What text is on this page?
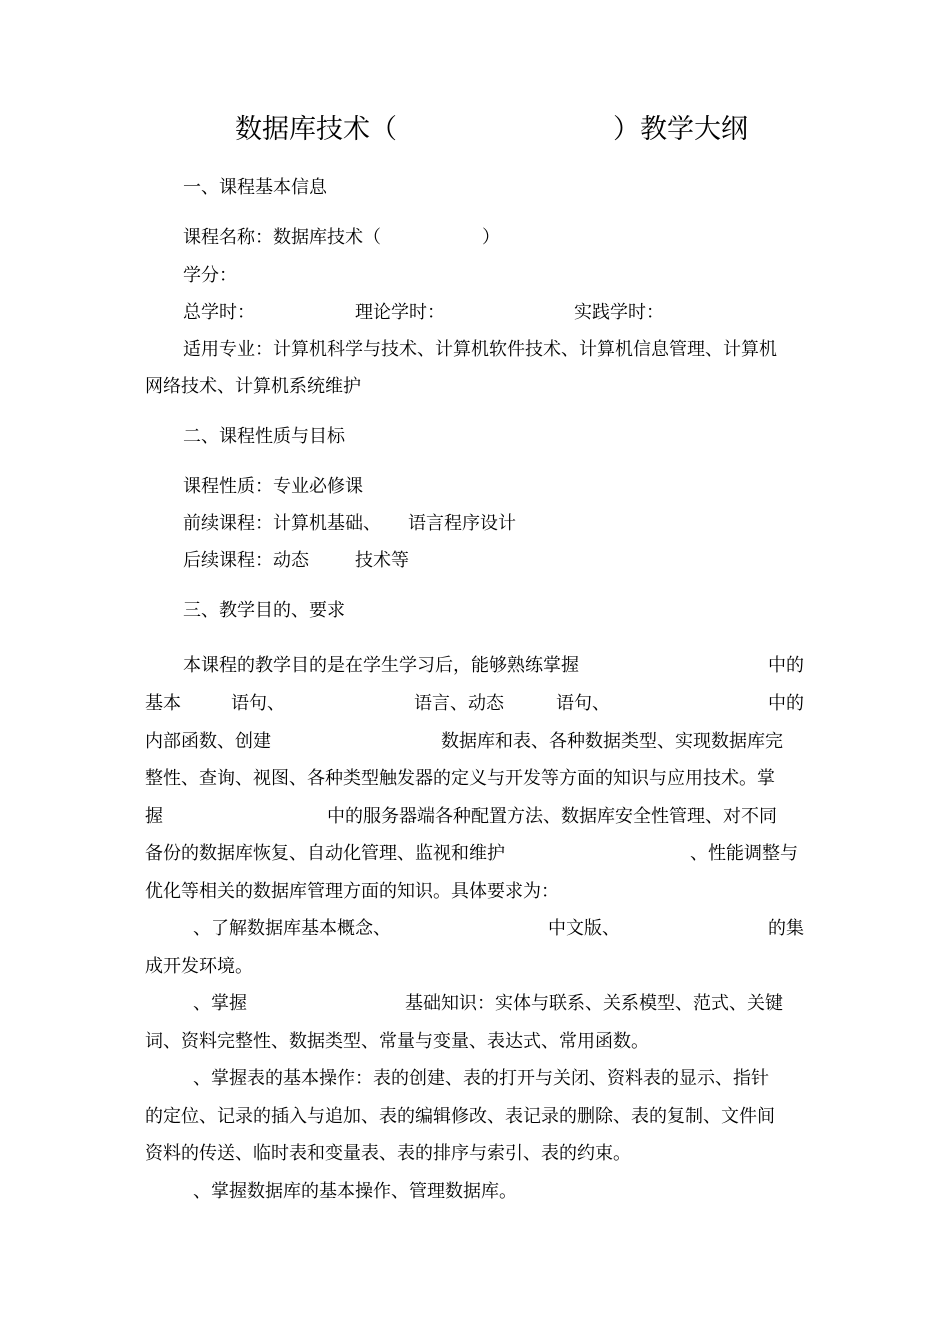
数据库技术（	）教学大纲
一、课程基本信息
课程名称：数据库技术（	）
学分：
总学时：	理论学时：	实践学时：
适用专业：计算机科学与技术、计算机软件技术、计算机信息管理、计算机
网络技术、计算机系统维护
二、课程性质与目标
课程性质：专业必修课
前续课程：计算机基础、 语言程序设计
后续课程：动态	技术等
三、教学目的、要求
本课程的教学目的是在学生学习后，能够熟练掌握	中的
基本	语句、	语言、动态	语句、	中的
内部函数、创建	数据库和表、各种数据类型、实现数据库完
整性、查询、视图、各种类型触发器的定义与开发等方面的知识与应用技术。掌
握	中的服务器端各种配置方法、数据库安全性管理、对不同
备份的数据库恢复、自动化管理、监视和维护	、性能调整与
优化等相关的数据库管理方面的知识。具体要求为：
、了解数据库基本概念、	中文版、	的集
成开发环境。
、掌握	基础知识：实体与联系、关系模型、范式、关键
词、资料完整性、数据类型、常量与变量、表达式、常用函数。
、掌握表的基本操作：表的创建、表的打开与关闭、资料表的显示、指针
的定位、记录的插入与追加、表的编辑修改、表记录的删除、表的复制、文件间
资料的传送、临时表和变量表、表的排序与索引、表的约束。
、掌握数据库的基本操作、管理数据库。
